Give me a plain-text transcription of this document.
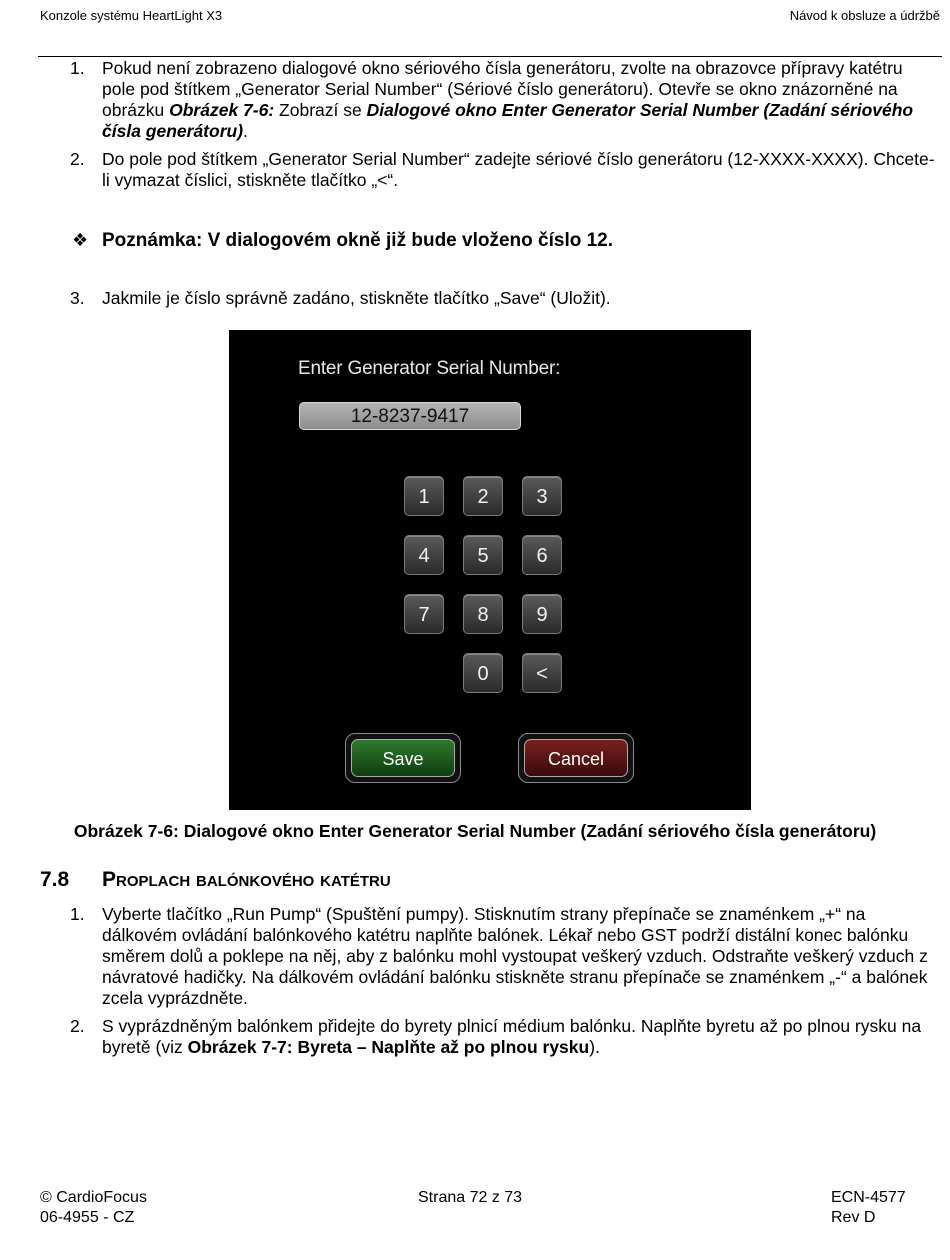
Konzole systému HeartLight X3	Návod k obsluze a údržbě
1. Pokud není zobrazeno dialogové okno sériového čísla generátoru, zvolte na obrazovce přípravy katétru pole pod štítkem „Generator Serial Number“ (Sériové číslo generátoru). Otevře se okno znázorněné na obrázku Obrázek 7-6: Zobrazí se Dialogové okno Enter Generator Serial Number (Zadání sériového čísla generátoru).
2. Do pole pod štítkem „Generator Serial Number“ zadejte sériové číslo generátoru (12-XXXX-XXXX). Chcete-li vymazat číslici, stiskněte tlačítko „<“.
❖ Poznámka: V dialogovém okně již bude vloženo číslo 12.
3. Jakmile je číslo správně zadáno, stiskněte tlačítko „Save“ (Uložit).
Enter Generator Serial Number:
12-8237-9417
1	2	3
4	5	6
7	8	9
0	<
Save	Cancel
Obrázek 7-6: Dialogové okno Enter Generator Serial Number (Zadání sériového čísla generátoru)
7.8 Proplach balónkového katétru
1. Vyberte tlačítko „Run Pump“ (Spuštění pumpy). Stisknutím strany přepínače se znaménkem „+“ na dálkovém ovládání balónkového katétru naplňte balónek. Lékař nebo GST podrží distální konec balónku směrem dolů a poklepe na něj, aby z balónku mohl vystoupat veškerý vzduch. Odstraňte veškerý vzduch z návratové hadičky. Na dálkovém ovládání balónku stiskněte stranu přepínače se znaménkem „-“ a balónek zcela vyprázdněte.
2. S vyprázdněným balónkem přidejte do byrety plnicí médium balónku. Naplňte byretu až po plnou rysku na byretě (viz Obrázek 7-7: Byreta – Naplňte až po plnou rysku).
© CardioFocus
06-4955 - CZ
Strana 72 z 73	ECN-4577
Rev D
